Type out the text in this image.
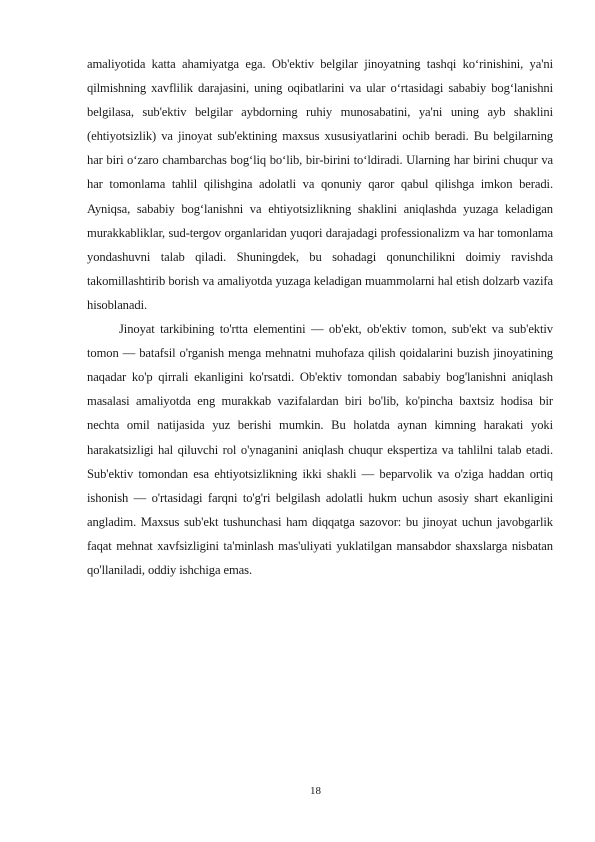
amaliyotida katta ahamiyatga ega. Ob'ektiv belgilar jinoyatning tashqi ko‘rinishini, ya'ni qilmishning xavflilik darajasini, uning oqibatlarini va ular o‘rtasidagi sababiy bog‘lanishni belgilasa, sub'ektiv belgilar aybdorning ruhiy munosabatini, ya'ni uning ayb shaklini (ehtiyotsizlik) va jinoyat sub'ektining maxsus xususiyatlarini ochib beradi. Bu belgilarning har biri o‘zaro chambarchas bog‘liq bo‘lib, bir-birini to‘ldiradi. Ularning har birini chuqur va har tomonlama tahlil qilishgina adolatli va qonuniy qaror qabul qilishga imkon beradi. Ayniqsa, sababiy bog‘lanishni va ehtiyotsizlikning shaklini aniqlashda yuzaga keladigan murakkabliklar, sud-tergov organlaridan yuqori darajadagi professionalizm va har tomonlama yondashuvni talab qiladi. Shuningdek, bu sohadagi qonunchilikni doimiy ravishda takomillashtirib borish va amaliyotda yuzaga keladigan muammolarni hal etish dolzarb vazifa hisoblanadi.

Jinoyat tarkibining to'rtta elementini — ob'ekt, ob'ektiv tomon, sub'ekt va sub'ektiv tomon — batafsil o'rganish menga mehnatni muhofaza qilish qoidalarini buzish jinoyatining naqadar ko'p qirrali ekanligini ko'rsatdi. Ob'ektiv tomondan sababiy bog'lanishni aniqlash masalasi amaliyotda eng murakkab vazifalardan biri bo'lib, ko'pincha baxtsiz hodisa bir nechta omil natijasida yuz berishi mumkin. Bu holatda aynan kimning harakati yoki harakatsizligi hal qiluvchi rol o'ynaganini aniqlash chuqur ekspertiza va tahlilni talab etadi. Sub'ektiv tomondan esa ehtiyotsizlikning ikki shakli — beparvolik va o'ziga haddan ortiq ishonish — o'rtasidagi farqni to'g'ri belgilash adolatli hukm uchun asosiy shart ekanligini angladim. Maxsus sub'ekt tushunchasi ham diqqatga sazovor: bu jinoyat uchun javobgarlik faqat mehnat xavfsizligini ta'minlash mas'uliyati yuklatilgan mansabdor shaxslarga nisbatan qo'llaniladi, oddiy ishchiga emas.

18
